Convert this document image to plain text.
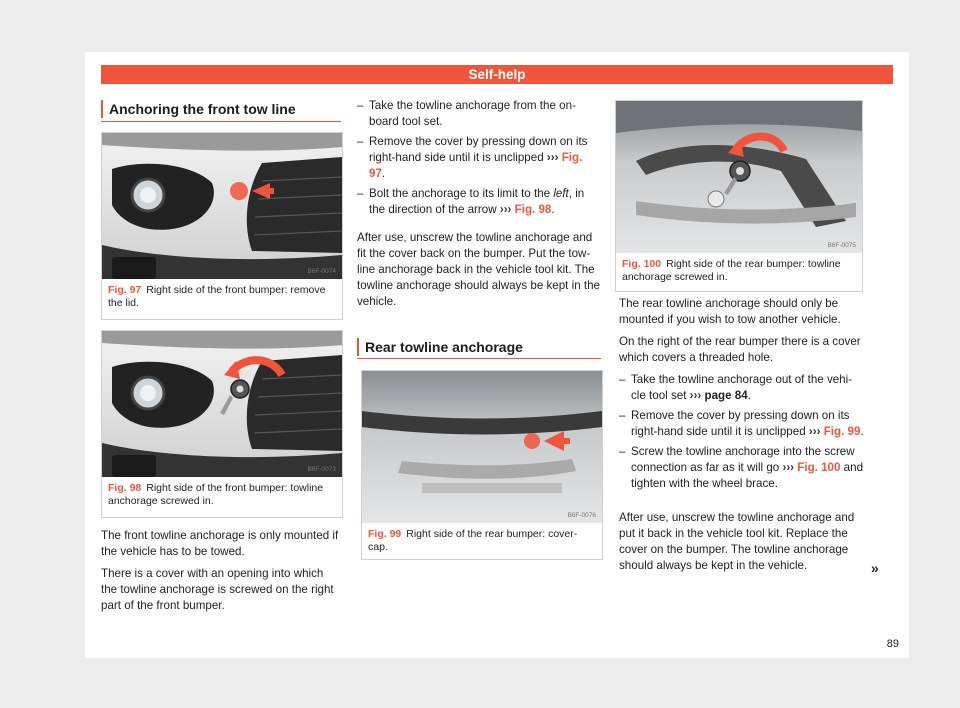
Self-help
Anchoring the front tow line
B6F-0074
Fig. 97 Right side of the front bumper: remove the lid.
B6F-0073
Fig. 98 Right side of the front bumper: towline anchorage screwed in.

The front towline anchorage is only mounted if the vehicle has to be towed.

There is a cover with an opening into which the towline anchorage is screwed on the right part of the front bumper.

– Take the towline anchorage from the on-board tool set.
– Remove the cover by pressing down on its right-hand side until it is unclipped ››› Fig. 97.
– Bolt the anchorage to its limit to the left, in the direction of the arrow ››› Fig. 98.

After use, unscrew the towline anchorage and fit the cover back on the bumper. Put the tow-line anchorage back in the vehicle tool kit. The towline anchorage should always be kept in the vehicle.

Rear towline anchorage
B6F-0076
Fig. 99 Right side of the rear bumper: cover-cap.
B6F-0075
Fig. 100 Right side of the rear bumper: towline anchorage screwed in.

The rear towline anchorage should only be mounted if you wish to tow another vehicle.

On the right of the rear bumper there is a cover which covers a threaded hole.

– Take the towline anchorage out of the vehi-cle tool set ››› page 84.
– Remove the cover by pressing down on its right-hand side until it is unclipped ››› Fig. 99.
– Screw the towline anchorage into the screw connection as far as it will go ››› Fig. 100 and tighten with the wheel brace.

After use, unscrew the towline anchorage and put it back in the vehicle tool kit. Replace the cover on the bumper. The towline anchorage should always be kept in the vehicle.	»
89
